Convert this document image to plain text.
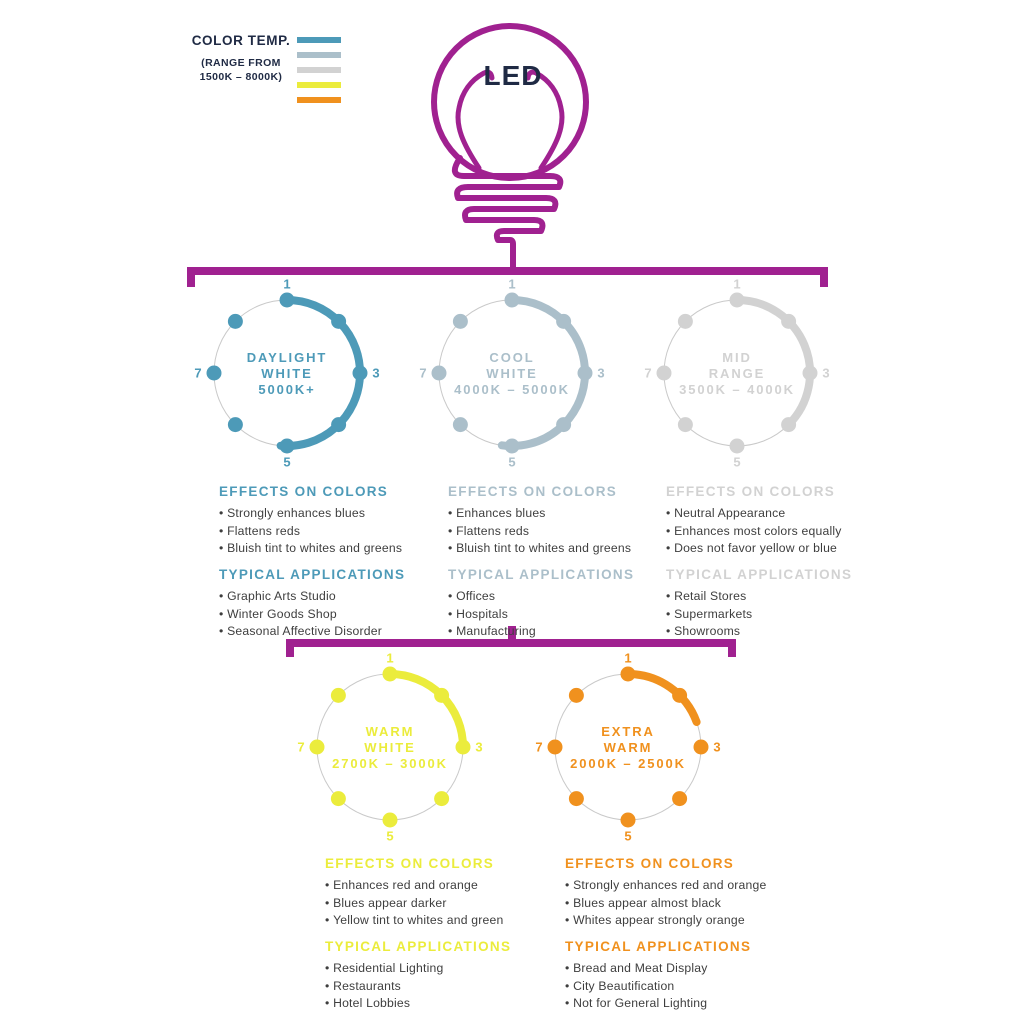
COLOR TEMP.
(RANGE FROM
1500K – 8000K)	LED
1
3
5
7
DAYLIGHT
WHITE
5000K+
1
3
5
7
COOL
WHITE
4000K – 5000K
1
3
5
7
MID
RANGE
3500K – 4000K
1
3
5
7
WARM
WHITE
2700K – 3000K
1
3
5
7
EXTRA
WARM
2000K – 2500K
EFFECTS ON COLORS
• Strongly enhances blues
• Flattens reds
• Bluish tint to whites and greens
TYPICAL APPLICATIONS
• Graphic Arts Studio
• Winter Goods Shop
• Seasonal Affective Disorder
EFFECTS ON COLORS
• Enhances blues
• Flattens reds
• Bluish tint to whites and greens
TYPICAL APPLICATIONS
• Offices
• Hospitals
• Manufacturing
EFFECTS ON COLORS
• Neutral Appearance
• Enhances most colors equally
• Does not favor yellow or blue
TYPICAL APPLICATIONS
• Retail Stores
• Supermarkets
• Showrooms
EFFECTS ON COLORS
• Enhances red and orange
• Blues appear darker
• Yellow tint to whites and green
TYPICAL APPLICATIONS
• Residential Lighting
• Restaurants
• Hotel Lobbies
EFFECTS ON COLORS
• Strongly enhances red and orange
• Blues appear almost black
• Whites appear strongly orange
TYPICAL APPLICATIONS
• Bread and Meat Display
• City Beautification
• Not for General Lighting
